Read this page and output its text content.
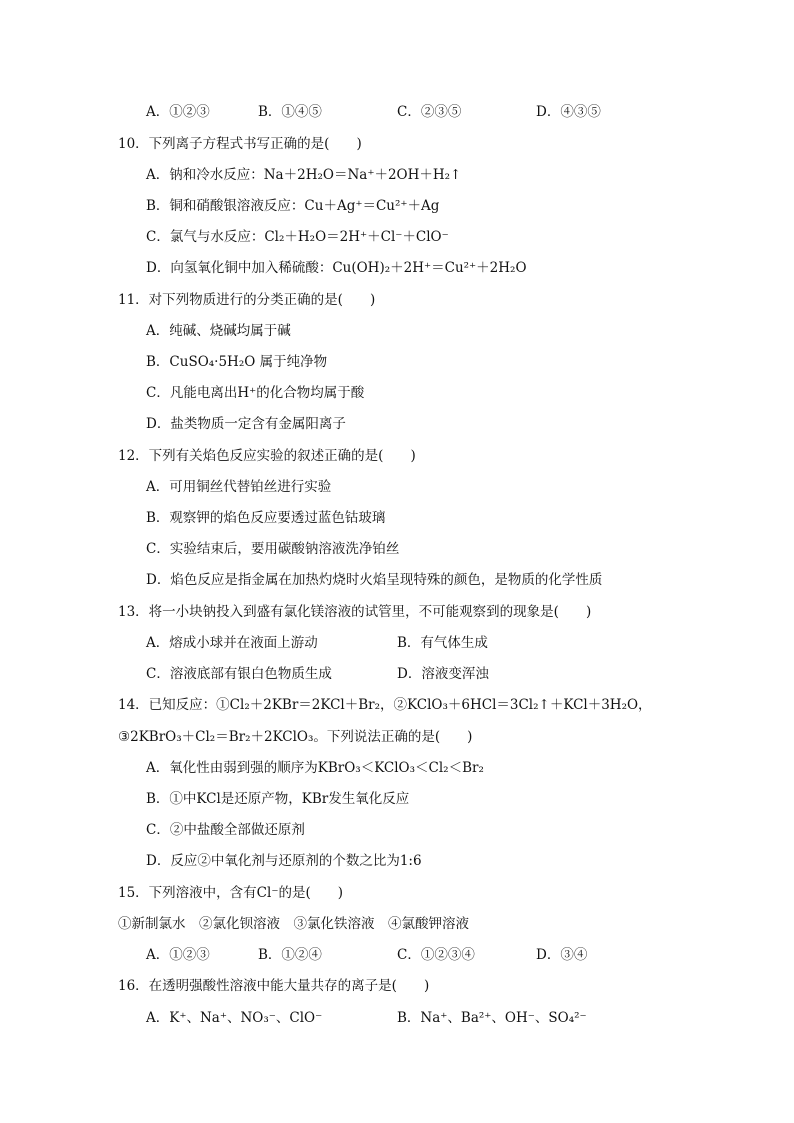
A．①②③	B．①④⑤	C．②③⑤	D．④③⑤
10．下列离子方程式书写正确的是(　　)
A．钠和冷水反应：Na＋2H₂O＝Na⁺＋2OH＋H₂↑
B．铜和硝酸银溶液反应：Cu＋Ag⁺＝Cu²⁺＋Ag
C．氯气与水反应：Cl₂＋H₂O＝2H⁺＋Cl⁻＋ClO⁻
D．向氢氧化铜中加入稀硫酸：Cu(OH)₂＋2H⁺＝Cu²⁺＋2H₂O
11．对下列物质进行的分类正确的是(　　)
A．纯碱、烧碱均属于碱
B．CuSO₄·5H₂O 属于纯净物
C．凡能电离出H⁺的化合物均属于酸
D．盐类物质一定含有金属阳离子
12．下列有关焰色反应实验的叙述正确的是(　　)
A．可用铜丝代替铂丝进行实验
B．观察钾的焰色反应要透过蓝色钴玻璃
C．实验结束后，要用碳酸钠溶液洗净铂丝
D．焰色反应是指金属在加热灼烧时火焰呈现特殊的颜色，是物质的化学性质
13．将一小块钠投入到盛有氯化镁溶液的试管里，不可能观察到的现象是(　　)
A．熔成小球并在液面上游动	B．有气体生成
C．溶液底部有银白色物质生成	D．溶液变浑浊
14．已知反应：①Cl₂＋2KBr＝2KCl＋Br₂，②KClO₃＋6HCl＝3Cl₂↑＋KCl＋3H₂O，
③2KBrO₃＋Cl₂＝Br₂＋2KClO₃。下列说法正确的是(　　)
A．氧化性由弱到强的顺序为KBrO₃＜KClO₃＜Cl₂＜Br₂
B．①中KCl是还原产物，KBr发生氧化反应
C．②中盐酸全部做还原剂
D．反应②中氧化剂与还原剂的个数之比为1:6
15．下列溶液中，含有Cl⁻的是(　　)
①新制氯水　②氯化钡溶液　③氯化铁溶液　④氯酸钾溶液
A．①②③	B．①②④	C．①②③④	D．③④
16．在透明强酸性溶液中能大量共存的离子是(　　)
A．K⁺、Na⁺、NO₃⁻、ClO⁻	B．Na⁺、Ba²⁺、OH⁻、SO₄²⁻
